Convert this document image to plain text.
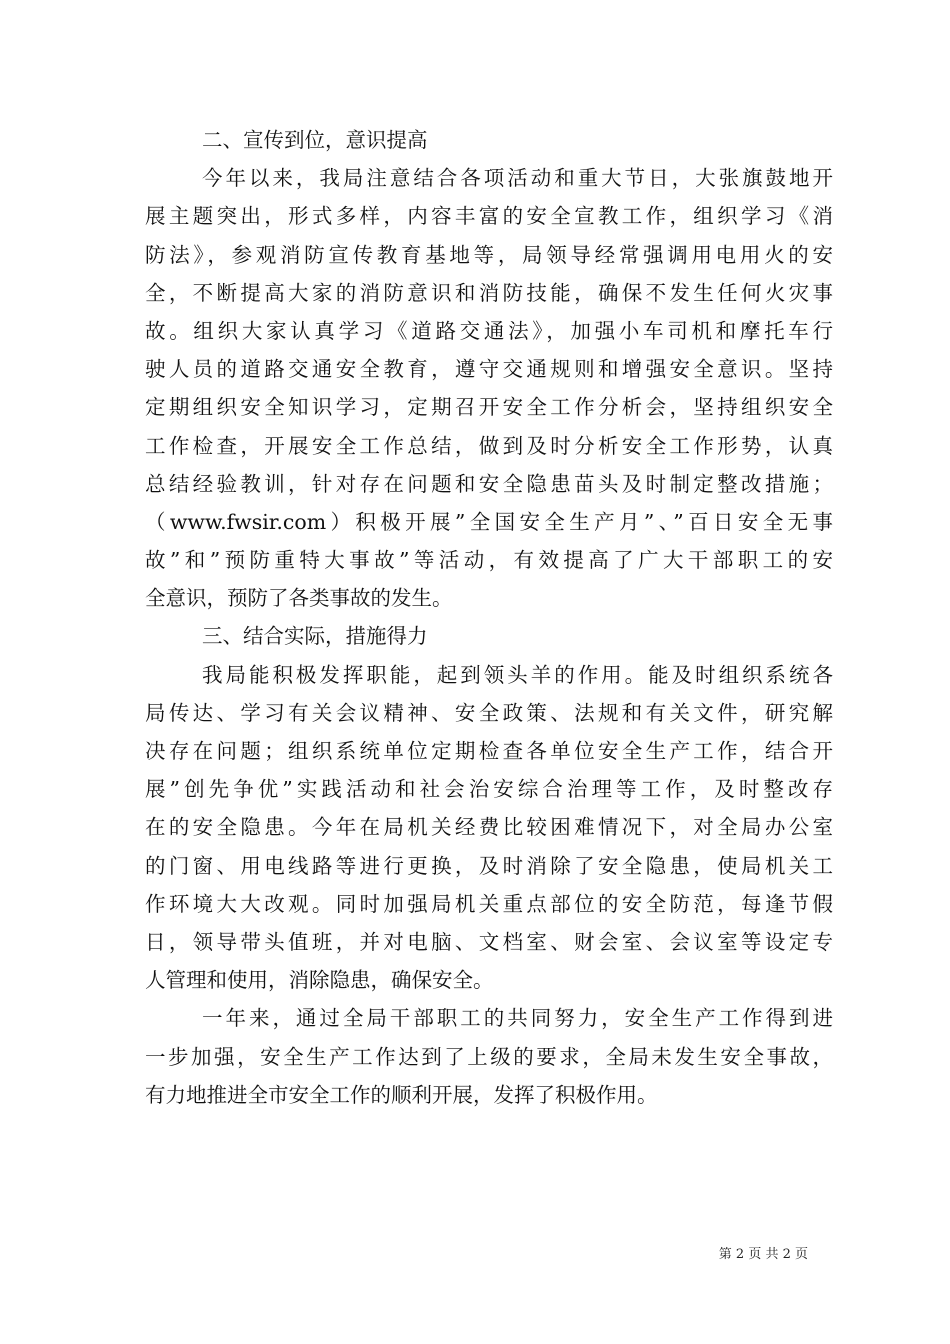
二、宣传到位，意识提高
今年以来，我局注意结合各项活动和重大节日，大张旗鼓地开
展主题突出，形式多样，内容丰富的安全宣教工作，组织学习《消
防法》，参观消防宣传教育基地等，局领导经常强调用电用火的安
全，不断提高大家的消防意识和消防技能，确保不发生任何火灾事
故。组织大家认真学习《道路交通法》，加强小车司机和摩托车行
驶人员的道路交通安全教育，遵守交通规则和增强安全意识。坚持
定期组织安全知识学习，定期召开安全工作分析会，坚持组织安全
工作检查，开展安全工作总结，做到及时分析安全工作形势，认真
总结经验教训，针对存在问题和安全隐患苗头及时制定整改措施；
（www.fwsir.com）积极开展”全国安全生产月”、”百日安全无事
故”和”预防重特大事故”等活动，有效提高了广大干部职工的安
全意识，预防了各类事故的发生。
三、结合实际，措施得力
我局能积极发挥职能，起到领头羊的作用。能及时组织系统各
局传达、学习有关会议精神、安全政策、法规和有关文件，研究解
决存在问题；组织系统单位定期检查各单位安全生产工作，结合开
展”创先争优”实践活动和社会治安综合治理等工作，及时整改存
在的安全隐患。今年在局机关经费比较困难情况下，对全局办公室
的门窗、用电线路等进行更换，及时消除了安全隐患，使局机关工
作环境大大改观。同时加强局机关重点部位的安全防范，每逢节假
日，领导带头值班，并对电脑、文档室、财会室、会议室等设定专
人管理和使用，消除隐患，确保安全。
一年来，通过全局干部职工的共同努力，安全生产工作得到进
一步加强，安全生产工作达到了上级的要求，全局未发生安全事故，
有力地推进全市安全工作的顺利开展，发挥了积极作用。
第 2 页 共 2 页
